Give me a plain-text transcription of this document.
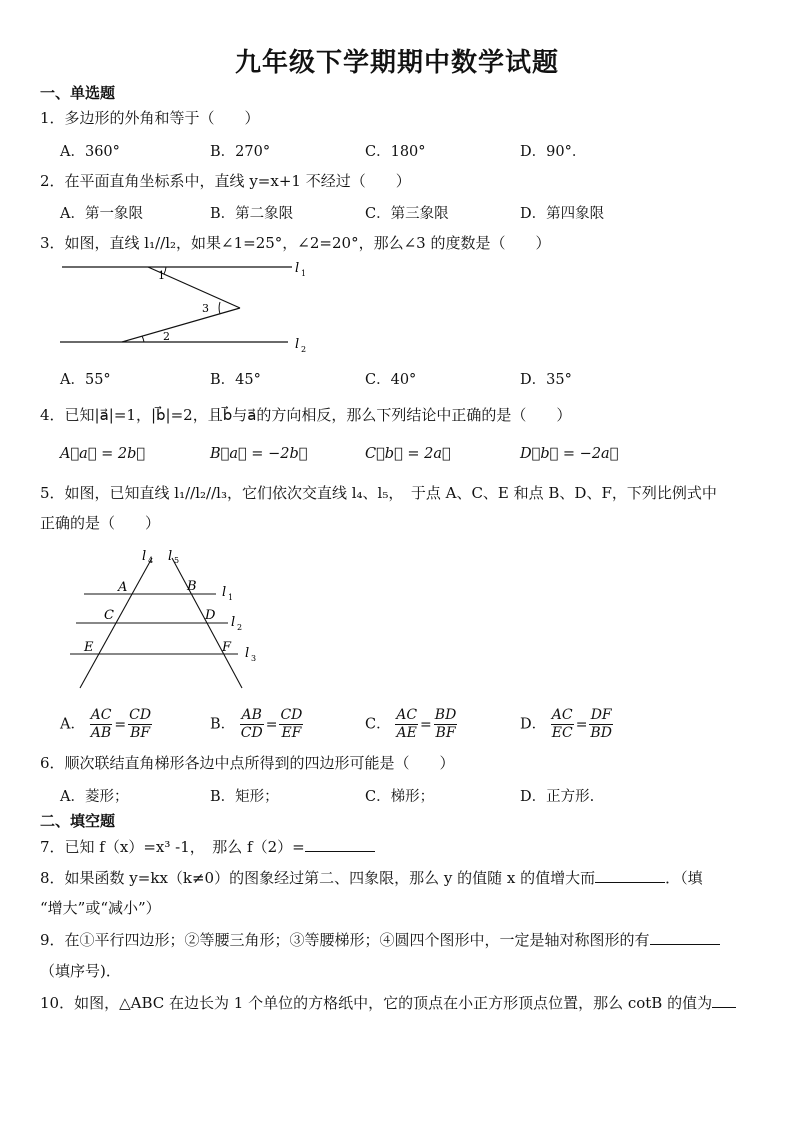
九年级下学期期中数学试题
一、单选题
1．多边形的外角和等于（　　）
A．360°	B．270°	C．180°	D．90°．
2．在平面直角坐标系中，直线 y=x+1 不经过（　　）
A．第一象限	B．第二象限	C．第三象限	D．第四象限
3．如图，直线 l₁//l₂，如果∠1=25°，∠2=20°，那么∠3 的度数是（　　）
1
3
2
l 1
l 2
A．55°	B．45°	C．40°	D．35°
4．已知|a⃗|=1，|b⃗|=2，且b⃗与a⃗的方向相反，那么下列结论中正确的是（　　）
A．a⃗ = 2b⃗	B．a⃗ = −2b⃗	C．b⃗ = 2a⃗	D．b⃗ = −2a⃗
5．如图，已知直线 l₁//l₂//l₃，它们依次交直线 l₄、l₅，　于点 A、C、E 和点 B、D、F，下列比例式中
正确的是（　　）
l 4 l 5
l 1
l 2
l 3
A	B
C	D
E	F
A． $\frac{AC}{AB} = \frac{CD}{BF}$	B． $\frac{AB}{CD} = \frac{CD}{EF}$	C． $\frac{AC}{AE} = \frac{BD}{BF}$	D． $\frac{AC}{EC} = \frac{DF}{BD}$
6．顺次联结直角梯形各边中点所得到的四边形可能是（　　）
A．菱形；	B．矩形；	C．梯形；	D．正方形.
二、填空题
7．已知 f（x）=x³ -1，　那么 f（2）=
8．如果函数 y=kx（k≠0）的图象经过第二、四象限，那么 y 的值随 x 的值增大而	．（填
“增大”或“减小”）
9．在①平行四边形；②等腰三角形；③等腰梯形；④圆四个图形中，一定是轴对称图形的有
（填序号)．
10．如图，△ABC 在边长为 1 个单位的方格纸中，它的顶点在小正方形顶点位置，那么 cotB 的值为
